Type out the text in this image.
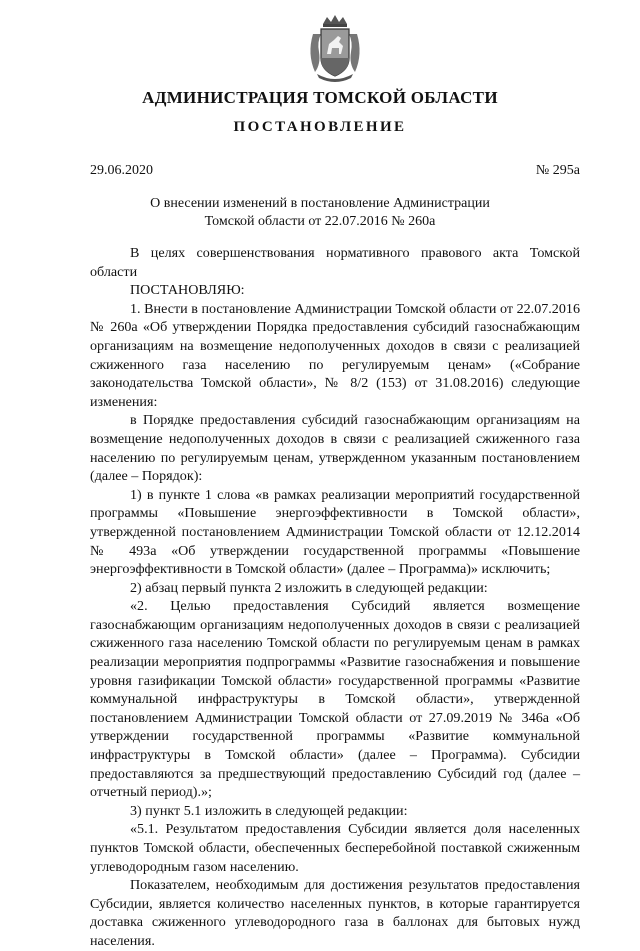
АДМИНИСТРАЦИЯ ТОМСКОЙ ОБЛАСТИ
ПОСТАНОВЛЕНИЕ
29.06.2020	№ 295а
О внесении изменений в постановление Администрации
Томской области от 22.07.2016 № 260а

В целях совершенствования нормативного правового акта Томской области

ПОСТАНОВЛЯЮ:

1. Внести в постановление Администрации Томской области от 22.07.2016 № 260а «Об утверждении Порядка предоставления субсидий газоснабжающим организациям на возмещение недополученных доходов в связи с реализацией сжиженного газа населению по регулируемым ценам» («Собрание законодательства Томской области», № 8/2 (153) от 31.08.2016) следующие изменения:

в Порядке предоставления субсидий газоснабжающим организациям на возмещение недополученных доходов в связи с реализацией сжиженного газа населению по регулируемым ценам, утвержденном указанным постановлением (далее – Порядок):

1) в пункте 1 слова «в рамках реализации мероприятий государственной программы «Повышение энергоэффективности в Томской области», утвержденной постановлением Администрации Томской области от 12.12.2014 № 493а «Об утверждении государственной программы «Повышение энергоэффективности в Томской области» (далее – Программа)» исключить;

2) абзац первый пункта 2 изложить в следующей редакции:

«2. Целью предоставления Субсидий является возмещение газоснабжающим организациям недополученных доходов в связи с реализацией сжиженного газа населению Томской области по регулируемым ценам в рамках реализации мероприятия подпрограммы «Развитие газоснабжения и повышение уровня газификации Томской области» государственной программы «Развитие коммунальной инфраструктуры в Томской области», утвержденной постановлением Администрации Томской области от 27.09.2019 № 346а «Об утверждении государственной программы «Развитие коммунальной инфраструктуры в Томской области» (далее – Программа). Субсидии предоставляются за предшествующий предоставлению Субсидий год (далее – отчетный период).»;

3) пункт 5.1 изложить в следующей редакции:

«5.1. Результатом предоставления Субсидии является доля населенных пунктов Томской области, обеспеченных бесперебойной поставкой сжиженным углеводородным газом населению.

Показателем, необходимым для достижения результатов предоставления Субсидии, является количество населенных пунктов, в которые гарантируется доставка сжиженного углеводородного газа в баллонах для бытовых нужд населения.
